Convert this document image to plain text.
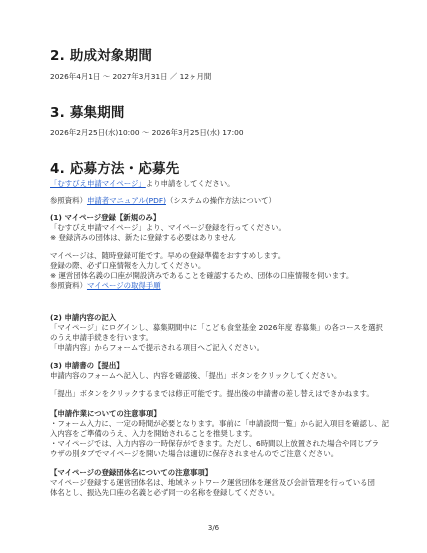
2. 助成対象期間

2026年4月1日 ～ 2027年3月31日 ／ 12ヶ月間

3. 募集期間

2026年2月25日(水)10:00 ～ 2026年3月25日(水) 17:00

4. 応募方法・応募先

「むすびえ申請マイページ」より申請をしてください。

参照資料）申請者マニュアル(PDF)（システムの操作方法について）

(1) マイページ登録【新規のみ】

「むすびえ申請マイページ」より、マイページ登録を行ってください。

※ 登録済みの団体は、新たに登録する必要はありません

マイページは、随時登録可能です。早めの登録準備をおすすめします。

登録の際、必ず口座情報を入力してください。

※ 運営団体名義の口座が開設済みであることを確認するため、団体の口座情報を伺います。

参照資料）マイページの取得手順

(2) 申請内容の記入

「マイページ」にログインし、募集期間中に「こども食堂基金 2026年度 春募集」の各コースを選択

のうえ申請手続きを行います。

「申請内容」からフォームで提示される項目へご記入ください。

(3) 申請書の【提出】

申請内容のフォームへ記入し、内容を確認後、「提出」ボタンをクリックしてください。

「提出」ボタンをクリックするまでは修正可能です。提出後の申請書の差し替えはできかねます。

【申請作業についての注意事項】

・フォーム入力に、一定の時間が必要となります。事前に「申請設問一覧」から記入項目を確認し、記

入内容をご準備のうえ、入力を開始されることを推奨します。

・マイページでは、入力内容の一時保存ができます。ただし、6時間以上放置された場合や同じブラ

ウザの別タブでマイページを開いた場合は適切に保存されませんのでご注意ください。

【マイページの登録団体名についての注意事項】

マイページ登録する運営団体名は、地域ネットワーク運営団体を運営及び会計管理を行っている団

体名とし、振込先口座の名義と必ず同一の名称を登録してください。

3/6
